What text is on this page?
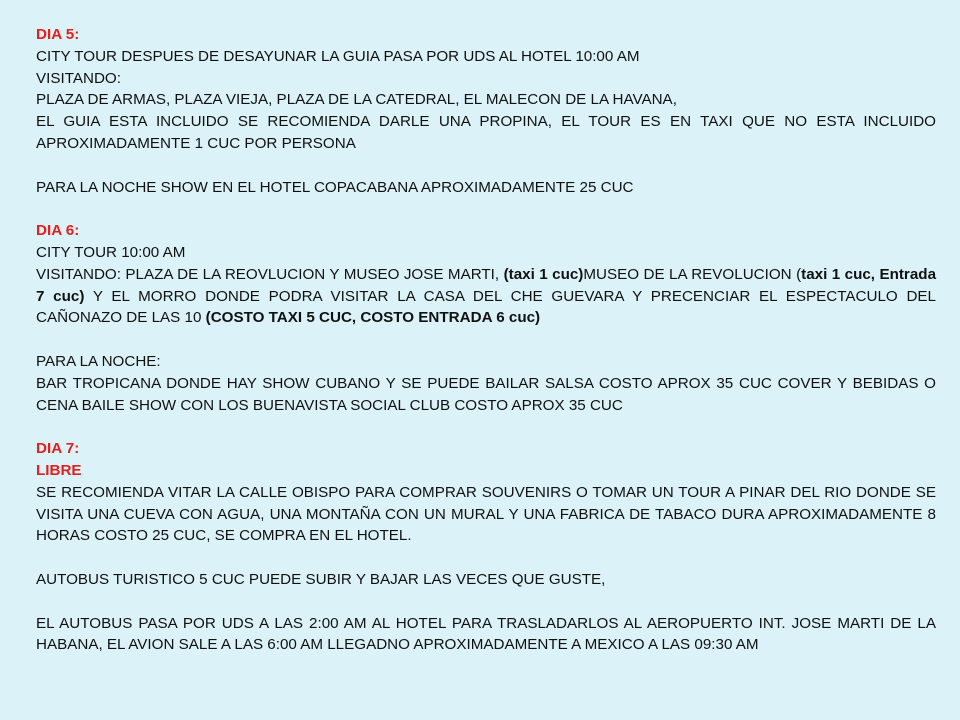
DIA 5:

CITY TOUR DESPUES DE DESAYUNAR LA GUIA PASA POR UDS AL HOTEL 10:00 AM

VISITANDO:

PLAZA DE ARMAS, PLAZA VIEJA, PLAZA DE LA CATEDRAL, EL MALECON DE LA HAVANA,

EL GUIA ESTA INCLUIDO SE RECOMIENDA DARLE UNA PROPINA, EL TOUR ES EN TAXI QUE NO ESTA INCLUIDO APROXIMADAMENTE 1 CUC POR PERSONA

PARA LA NOCHE SHOW EN EL HOTEL COPACABANA APROXIMADAMENTE 25 CUC

DIA 6:

CITY TOUR 10:00 AM

VISITANDO: PLAZA DE LA REOVLUCION Y MUSEO JOSE MARTI, (taxi 1 cuc)MUSEO DE LA REVOLUCION (taxi 1 cuc, Entrada 7 cuc) Y EL MORRO DONDE PODRA VISITAR LA CASA DEL CHE GUEVARA Y PRECENCIAR EL ESPECTACULO DEL CAÑONAZO DE LAS 10 (COSTO TAXI 5 CUC, COSTO ENTRADA 6 cuc)

PARA LA NOCHE:

BAR TROPICANA DONDE HAY SHOW CUBANO Y SE PUEDE BAILAR SALSA COSTO APROX 35 CUC COVER Y BEBIDAS O CENA BAILE SHOW CON LOS BUENAVISTA SOCIAL CLUB COSTO APROX 35 CUC

DIA 7:

LIBRE

SE RECOMIENDA VITAR LA CALLE OBISPO PARA COMPRAR SOUVENIRS O TOMAR UN TOUR A PINAR DEL RIO DONDE SE VISITA UNA CUEVA CON AGUA, UNA MONTAÑA CON UN MURAL Y UNA FABRICA DE TABACO DURA APROXIMADAMENTE 8 HORAS COSTO 25 CUC, SE COMPRA EN EL HOTEL.

AUTOBUS TURISTICO 5 CUC PUEDE SUBIR Y BAJAR LAS VECES QUE GUSTE,

EL AUTOBUS PASA POR UDS A LAS 2:00 AM AL HOTEL PARA TRASLADARLOS AL AEROPUERTO INT. JOSE MARTI DE LA HABANA, EL AVION SALE A LAS 6:00 AM LLEGADNO APROXIMADAMENTE A MEXICO A LAS 09:30 AM
